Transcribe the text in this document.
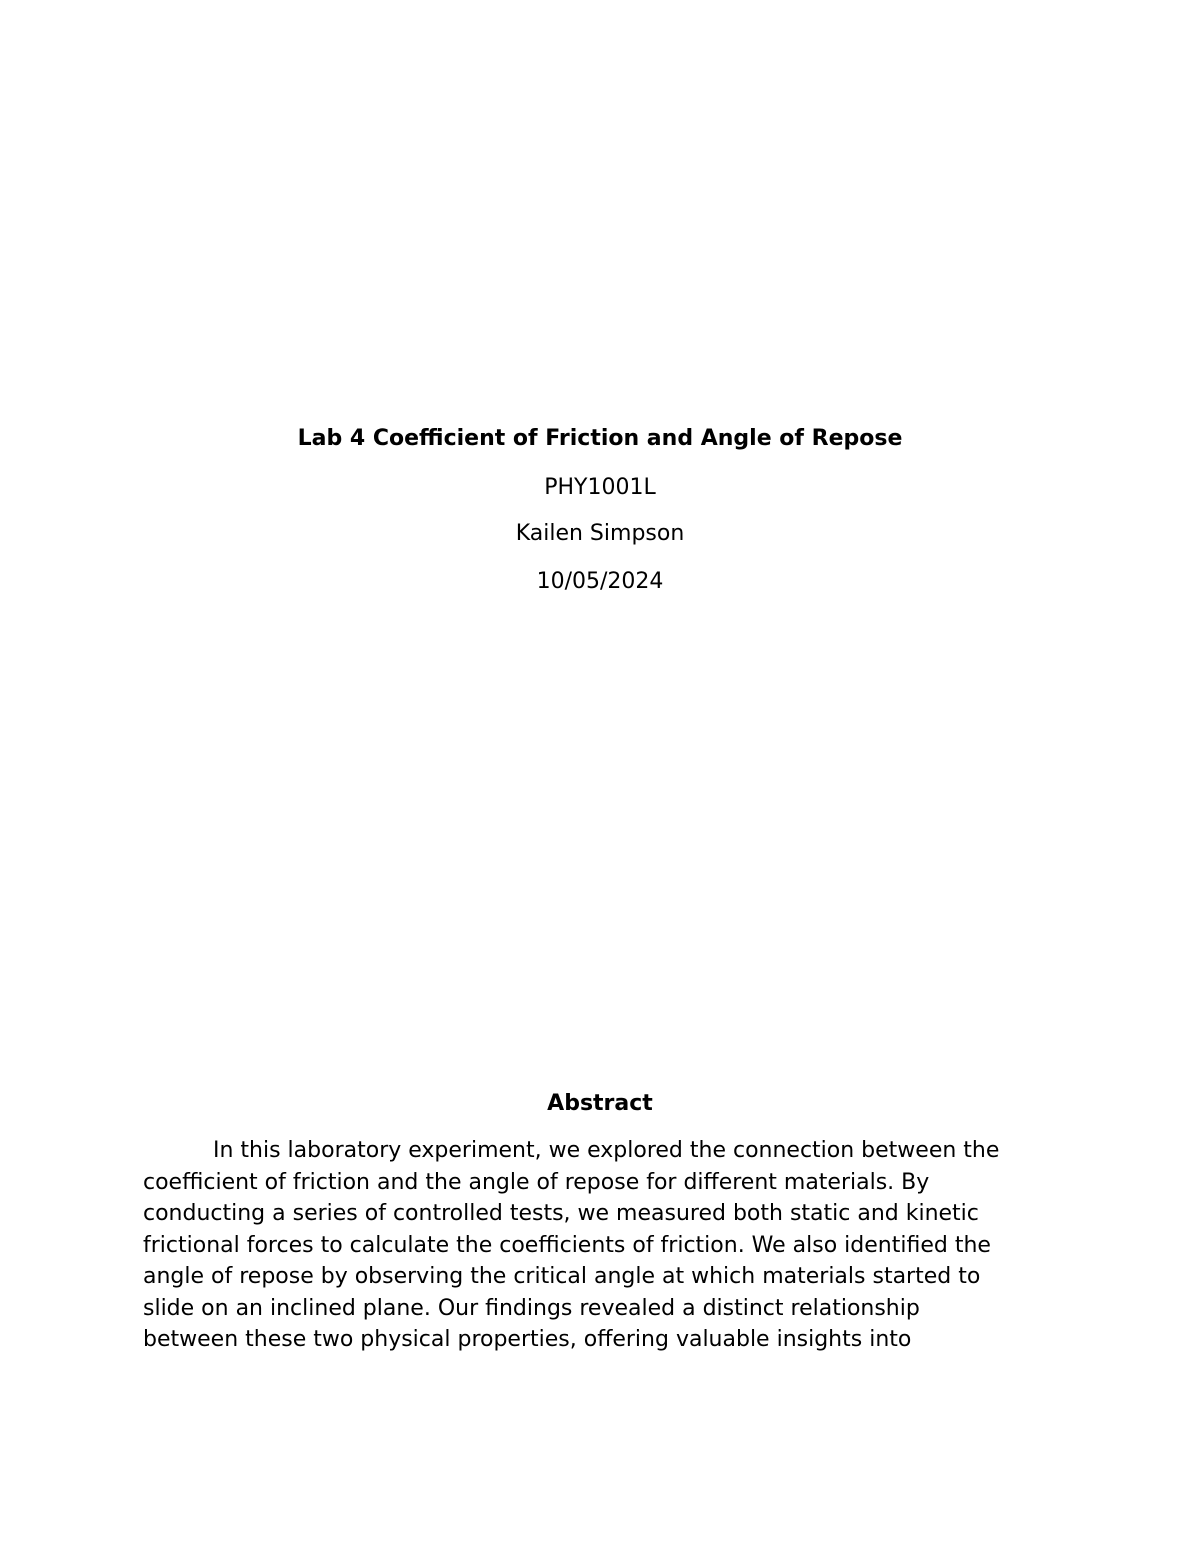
Lab 4 Coefficient of Friction and Angle of Repose
PHY1001L
Kailen Simpson
10/05/2024
Abstract
In this laboratory experiment, we explored the connection between the
coefficient of friction and the angle of repose for different materials. By
conducting a series of controlled tests, we measured both static and kinetic
frictional forces to calculate the coefficients of friction. We also identified the
angle of repose by observing the critical angle at which materials started to
slide on an inclined plane. Our findings revealed a distinct relationship
between these two physical properties, offering valuable insights into
